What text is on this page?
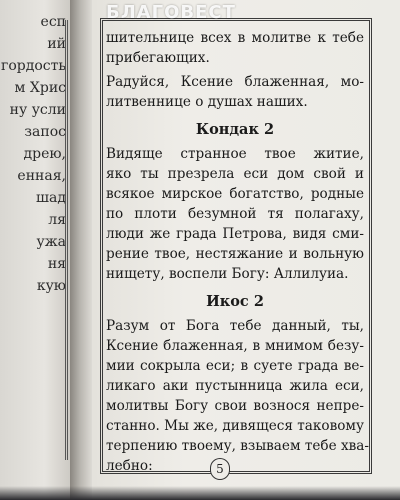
есп
ий
гордость
м Хрис
ну усли
запос
дрею,
енная,
шад
ля
ужа
ня
кую
БЛАГОВЕСТ
шительнице всех в молитве к тебе
прибегающих.
Радуйся, Ксение блаженная, мо-
литвеннице о душах наших.
Кондак 2
Видяще странное твое житие,
яко ты презрела еси дом свой и
всякое мирское богатство, родные
по плоти безумной тя полагаху,
люди же града Петрова, видя сми-
рение твое, нестяжание и вольную
нищету, воспели Богу: Аллилуиа.
Икос 2
Разум от Бога тебе данный, ты,
Ксение блаженная, в мнимом безу-
мии сокрыла еси; в суете града ве-
ликаго аки пустынница жила еси,
молитвы Богу свои вознося непре-
станно. Мы же, дивящеся таковому
терпению твоему, взываем тебе хва-
лебно:	5
